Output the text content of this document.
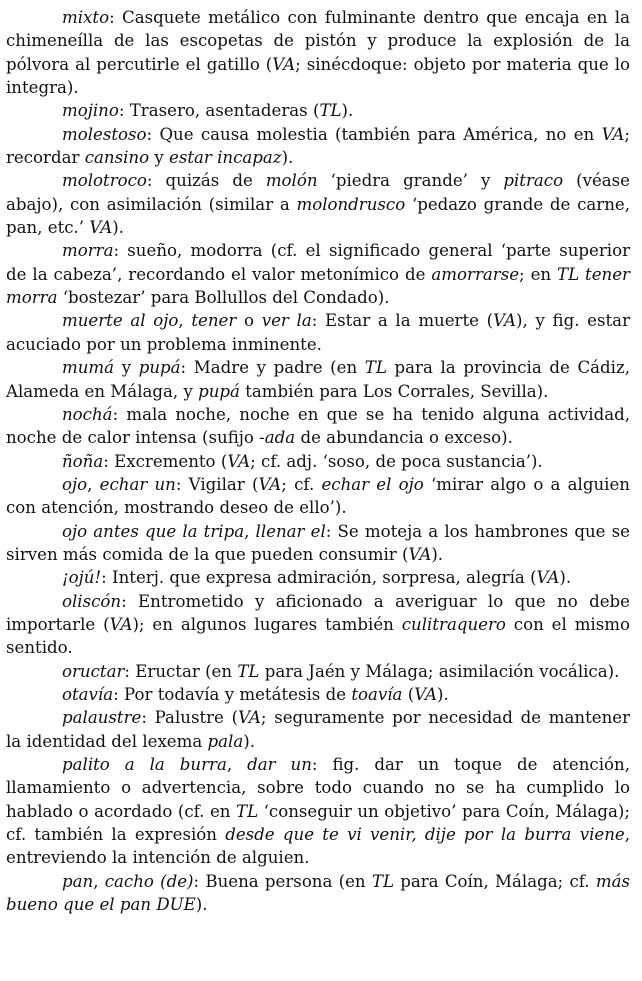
mixto: Casquete metálico con fulminante dentro que encaja en la chimeneílla de las escopetas de pistón y produce la explosión de la pólvora al percutirle el gatillo (VA; sinécdoque: objeto por materia que lo integra).

mojino: Trasero, asentaderas (TL).

molestoso: Que causa molestia (también para América, no en VA; recordar cansino y estar incapaz).

molotroco: quizás de molón ‘piedra grande’ y pitraco (véase abajo), con asimilación (similar a molondrusco ‘pedazo grande de carne, pan, etc.’ VA).

morra: sueño, modorra (cf. el significado general ‘parte superior de la cabeza’, recordando el valor metonímico de amorrarse; en TL tener morra ‘bostezar’ para Bollullos del Condado).

muerte al ojo, tener o ver la: Estar a la muerte (VA), y fig. estar acuciado por un problema inminente.

mumá y pupá: Madre y padre (en TL para la provincia de Cádiz, Alameda en Málaga, y pupá también para Los Corrales, Sevilla).

nochá: mala noche, noche en que se ha tenido alguna actividad, noche de calor intensa (sufijo -ada de abundancia o exceso).

ñoña: Excremento (VA; cf. adj. ‘soso, de poca sustancia’).

ojo, echar un: Vigilar (VA; cf. echar el ojo ‘mirar algo o a alguien con atención, mostrando deseo de ello’).

ojo antes que la tripa, llenar el: Se moteja a los hambrones que se sirven más comida de la que pueden consumir (VA).

¡ojú!: Interj. que expresa admiración, sorpresa, alegría (VA).

oliscón: Entrometido y aficionado a averiguar lo que no debe importarle (VA); en algunos lugares también culitraquero con el mismo sentido.

oructar: Eructar (en TL para Jaén y Málaga; asimilación vocálica).

otavía: Por todavía y metátesis de toavía (VA).

palaustre: Palustre (VA; seguramente por necesidad de mantener la identidad del lexema pala).

palito a la burra, dar un: fig. dar un toque de atención, llamamiento o advertencia, sobre todo cuando no se ha cumplido lo hablado o acordado (cf. en TL ‘conseguir un objetivo’ para Coín, Málaga); cf. también la expresión desde que te vi venir, dije por la burra viene, entreviendo la intención de alguien.

pan, cacho (de): Buena persona (en TL para Coín, Málaga; cf. más bueno que el pan DUE).
